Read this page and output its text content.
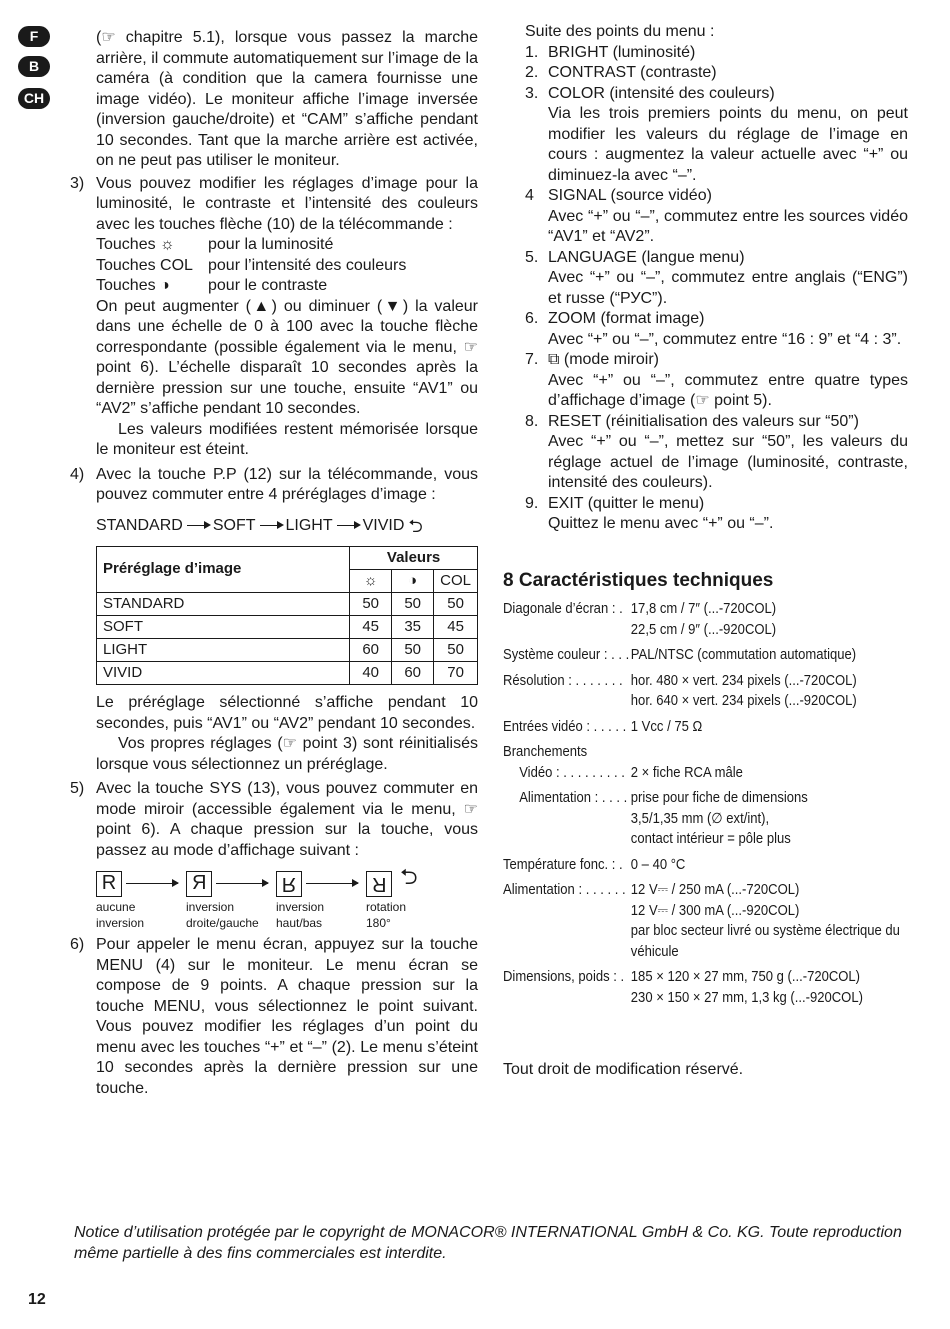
F
B
CH

(☞ chapitre 5.1), lorsque vous passez la marche arrière, il commute automatiquement sur l’image de la caméra (à condition que la camera fournisse une image vidéo). Le moniteur affiche l’image inversée (inversion gauche/droite) et “CAM” s’affiche pendant 10 secondes. Tant que la marche arrière est activée, on ne peut pas utiliser le moniteur.

3) Vous pouvez modifier les réglages d’image pour la luminosité, le contraste et l’intensité des couleurs avec les touches flèche (10) de la télécommande :

Touches ☼	pour la luminosité
Touches COL pour l’intensité des couleurs
Touches ◑	pour le contraste

On peut augmenter (▲) ou diminuer (▼) la valeur dans une échelle de 0 à 100 avec la touche flèche correspondante (possible également via le menu, ☞ point 6). L’échelle disparaît 10 secondes après la dernière pression sur une touche, ensuite “AV1” ou “AV2” s’affiche pendant 10 secondes.

Les valeurs modifiées restent mémorisée lorsque le moniteur est éteint.

4) Avec la touche P.P (12) sur la télécommande, vous pouvez commuter entre 4 préréglages d’image :

STANDARD SOFT LIGHT VIVID ⮌
Préréglage d’image	Valeurs		
	☼	◑	COL
STANDARD	50	50	50
SOFT	45	35	45
LIGHT	60	50	50
VIVID	40	60	70

Le préréglage sélectionné s’affiche pendant 10 secondes, puis “AV1” ou “AV2” pendant 10 secondes.

Vos propres réglages (☞ point 3) sont réinitialisés lorsque vous sélectionnez un préréglage.

5) Avec la touche SYS (13), vous pouvez commuter en mode miroir (accessible également via le menu, ☞ point 6). A chaque pression sur la touche, vous passez au mode d’affichage suivant :

R
aucune
inversion
R
inversion
droite/gauche
R
inversion
haut/bas
R ⮌
rotation
180°
6) Pour appeler le menu écran, appuyez sur la touche MENU (4) sur le moniteur. Le menu écran se compose de 9 points. A chaque pression sur la touche MENU, vous sélectionnez le point suivant. Vous pouvez modifier les réglages d’un point du menu avec les touches “+” et “–” (2). Le menu s’éteint 10 secondes après la dernière pression sur une touche.

Suite des points du menu :

1. BRIGHT (luminosité)
2. CONTRAST (contraste)
3. COLOR (intensité des couleurs)

Via les trois premiers points du menu, on peut modifier les valeurs du réglage de l’image en cours : augmentez la valeur actuelle avec “+” ou diminuez-la avec “–”.

4 SIGNAL (source vidéo)

Avec “+” ou “–”, commutez entre les sources vidéo “AV1” et “AV2”.

5. LANGUAGE (langue menu)

Avec “+” ou “–”, commutez entre anglais (“ENG”) et russe (“РУС”).

6. ZOOM (format image)

Avec “+” ou “–”, commutez entre “16 : 9” et “4 : 3”.

7. ⧉ (mode miroir)

Avec “+” ou “–”, commutez entre quatre types d’affichage d’image (☞ point 5).

8. RESET (réinitialisation des valeurs sur “50”)

Avec “+” ou “–”, mettez sur “50”, les valeurs du réglage actuel de l’image (luminosité, contraste, intensité des couleurs).

9. EXIT (quitter le menu)

Quittez le menu avec “+” ou “–”.

8 Caractéristiques techniques
Diagonale d’écran : . 17,8 cm / 7″ (...-720COL)
22,5 cm / 9″ (...-920COL)
Système couleur : . . . PAL/NTSC (commutation automatique)
Résolution : . . . . . . . hor. 480 × vert. 234 pixels (...-720COL)
hor. 640 × vert. 234 pixels (...-920COL)
Entrées vidéo : . . . . . 1 Vcc / 75 Ω
Branchements
Vidéo : . . . . . . . . . 2 × fiche RCA mâle
Alimentation : . . . . prise pour fiche de dimensions
3,5/1,35 mm (∅ ext/int),
contact intérieur = pôle plus
Température fonc. : . 0 – 40 °C
Alimentation : . . . . . . 12 V⎓ / 250 mA (...-720COL)
12 V⎓ / 300 mA (...-920COL)
par bloc secteur livré ou système électrique du véhicule
Dimensions, poids : . 185 × 120 × 27 mm, 750 g (...-720COL)
230 × 150 × 27 mm, 1,3 kg (...-920COL)

Tout droit de modification réservé.

Notice d’utilisation protégée par le copyright de MONACOR® INTERNATIONAL GmbH & Co. KG. Toute reproduction même partielle à des fins commerciales est interdite.
12
